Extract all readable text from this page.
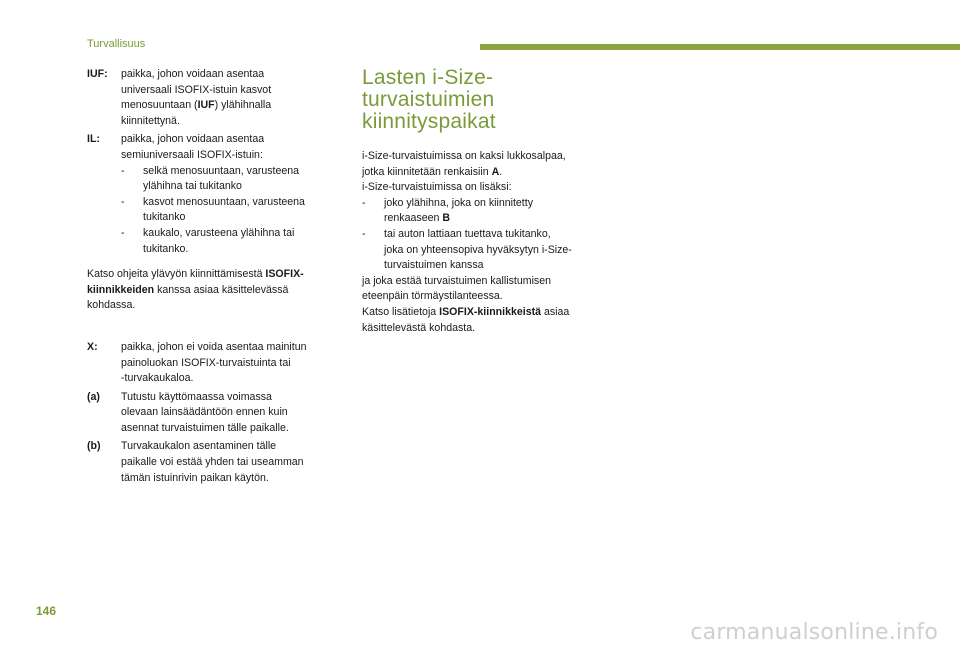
Turvallisuus
IUF:	paikka, johon voidaan asentaa
universaali ISOFIX-istuin kasvot
menosuuntaan (IUF) ylähihnalla
kiinnitettynä.
IL:	paikka, johon voidaan asentaa
semiuniversaali ISOFIX-istuin:
-	selkä menosuuntaan, varusteena
ylähihna tai tukitanko
-	kasvot menosuuntaan, varusteena
tukitanko
-	kaukalo, varusteena ylähihna tai
tukitanko.

Katso ohjeita ylävyön kiinnittämisestä ISOFIX-
kiinnikkeiden kanssa asiaa käsittelevässä
kohdassa.

X:	paikka, johon ei voida asentaa mainitun
painoluokan ISOFIX-turvaistuinta tai
-turvakaukaloa.
(a)	Tutustu käyttömaassa voimassa
olevaan lainsäädäntöön ennen kuin
asennat turvaistuimen tälle paikalle.
(b)	Turvakaukalon asentaminen tälle
paikalle voi estää yhden tai useamman
tämän istuinrivin paikan käytön.
Lasten i-Size-
turvaistuimien
kiinnityspaikat
i-Size-turvaistuimissa on kaksi lukkosalpaa,
jotka kiinnitetään renkaisiin A.
i-Size-turvaistuimissa on lisäksi:
-	joko ylähihna, joka on kiinnitetty
renkaaseen B
-	tai auton lattiaan tuettava tukitanko,
joka on yhteensopiva hyväksytyn i-Size-
turvaistuimen kanssa
ja joka estää turvaistuimen kallistumisen
eteenpäin törmäystilanteessa.
Katso lisätietoja ISOFIX-kiinnikkeistä asiaa
käsittelevästä kohdasta.
146
carmanualsonline.info
